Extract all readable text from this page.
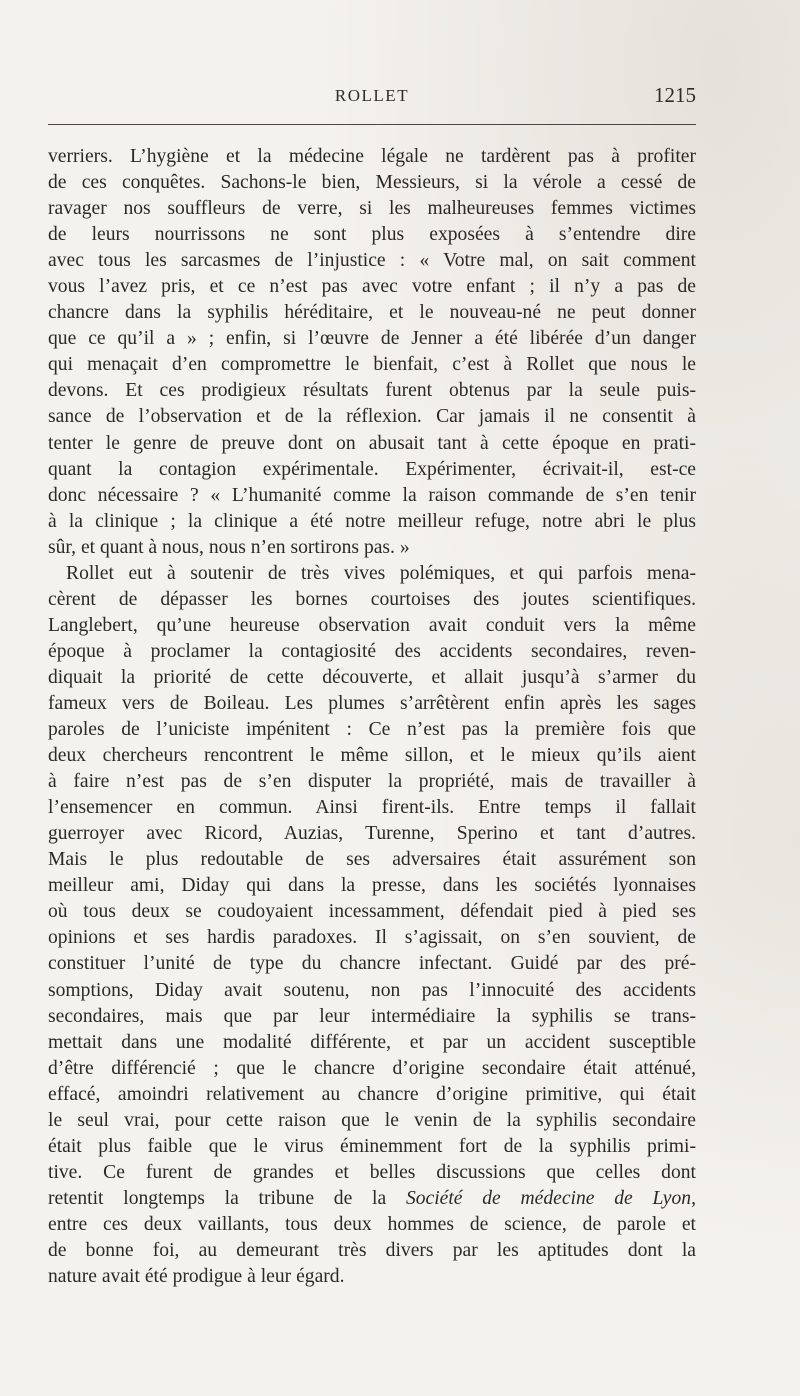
ROLLET	1215
verriers. L’hygiène et la médecine légale ne tardèrent pas à profiter
de ces conquêtes. Sachons-le bien, Messieurs, si la vérole a cessé de
ravager nos souffleurs de verre, si les malheureuses femmes victimes
de leurs nourrissons ne sont plus exposées à s’entendre dire
avec tous les sarcasmes de l’injustice : « Votre mal, on sait comment
vous l’avez pris, et ce n’est pas avec votre enfant ; il n’y a pas de
chancre dans la syphilis héréditaire, et le nouveau-né ne peut donner
que ce qu’il a » ; enfin, si l’œuvre de Jenner a été libérée d’un danger
qui menaçait d’en compromettre le bienfait, c’est à Rollet que nous le
devons. Et ces prodigieux résultats furent obtenus par la seule puis-
sance de l’observation et de la réflexion. Car jamais il ne consentit à
tenter le genre de preuve dont on abusait tant à cette époque en prati-
quant la contagion expérimentale. Expérimenter, écrivait-il, est-ce
donc nécessaire ? « L’humanité comme la raison commande de s’en tenir
à la clinique ; la clinique a été notre meilleur refuge, notre abri le plus
sûr, et quant à nous, nous n’en sortirons pas. »
Rollet eut à soutenir de très vives polémiques, et qui parfois mena-
cèrent de dépasser les bornes courtoises des joutes scientifiques.
Langlebert, qu’une heureuse observation avait conduit vers la même
époque à proclamer la contagiosité des accidents secondaires, reven-
diquait la priorité de cette découverte, et allait jusqu’à s’armer du
fameux vers de Boileau. Les plumes s’arrêtèrent enfin après les sages
paroles de l’uniciste impénitent : Ce n’est pas la première fois que
deux chercheurs rencontrent le même sillon, et le mieux qu’ils aient
à faire n’est pas de s’en disputer la propriété, mais de travailler à
l’ensemencer en commun. Ainsi firent-ils. Entre temps il fallait
guerroyer avec Ricord, Auzias, Turenne, Sperino et tant d’autres.
Mais le plus redoutable de ses adversaires était assurément son
meilleur ami, Diday qui dans la presse, dans les sociétés lyonnaises
où tous deux se coudoyaient incessamment, défendait pied à pied ses
opinions et ses hardis paradoxes. Il s’agissait, on s’en souvient, de
constituer l’unité de type du chancre infectant. Guidé par des pré-
somptions, Diday avait soutenu, non pas l’innocuité des accidents
secondaires, mais que par leur intermédiaire la syphilis se trans-
mettait dans une modalité différente, et par un accident susceptible
d’être différencié ; que le chancre d’origine secondaire était atténué,
effacé, amoindri relativement au chancre d’origine primitive, qui était
le seul vrai, pour cette raison que le venin de la syphilis secondaire
était plus faible que le virus éminemment fort de la syphilis primi-
tive. Ce furent de grandes et belles discussions que celles dont
retentit longtemps la tribune de la Société de médecine de Lyon,
entre ces deux vaillants, tous deux hommes de science, de parole et
de bonne foi, au demeurant très divers par les aptitudes dont la
nature avait été prodigue à leur égard.
